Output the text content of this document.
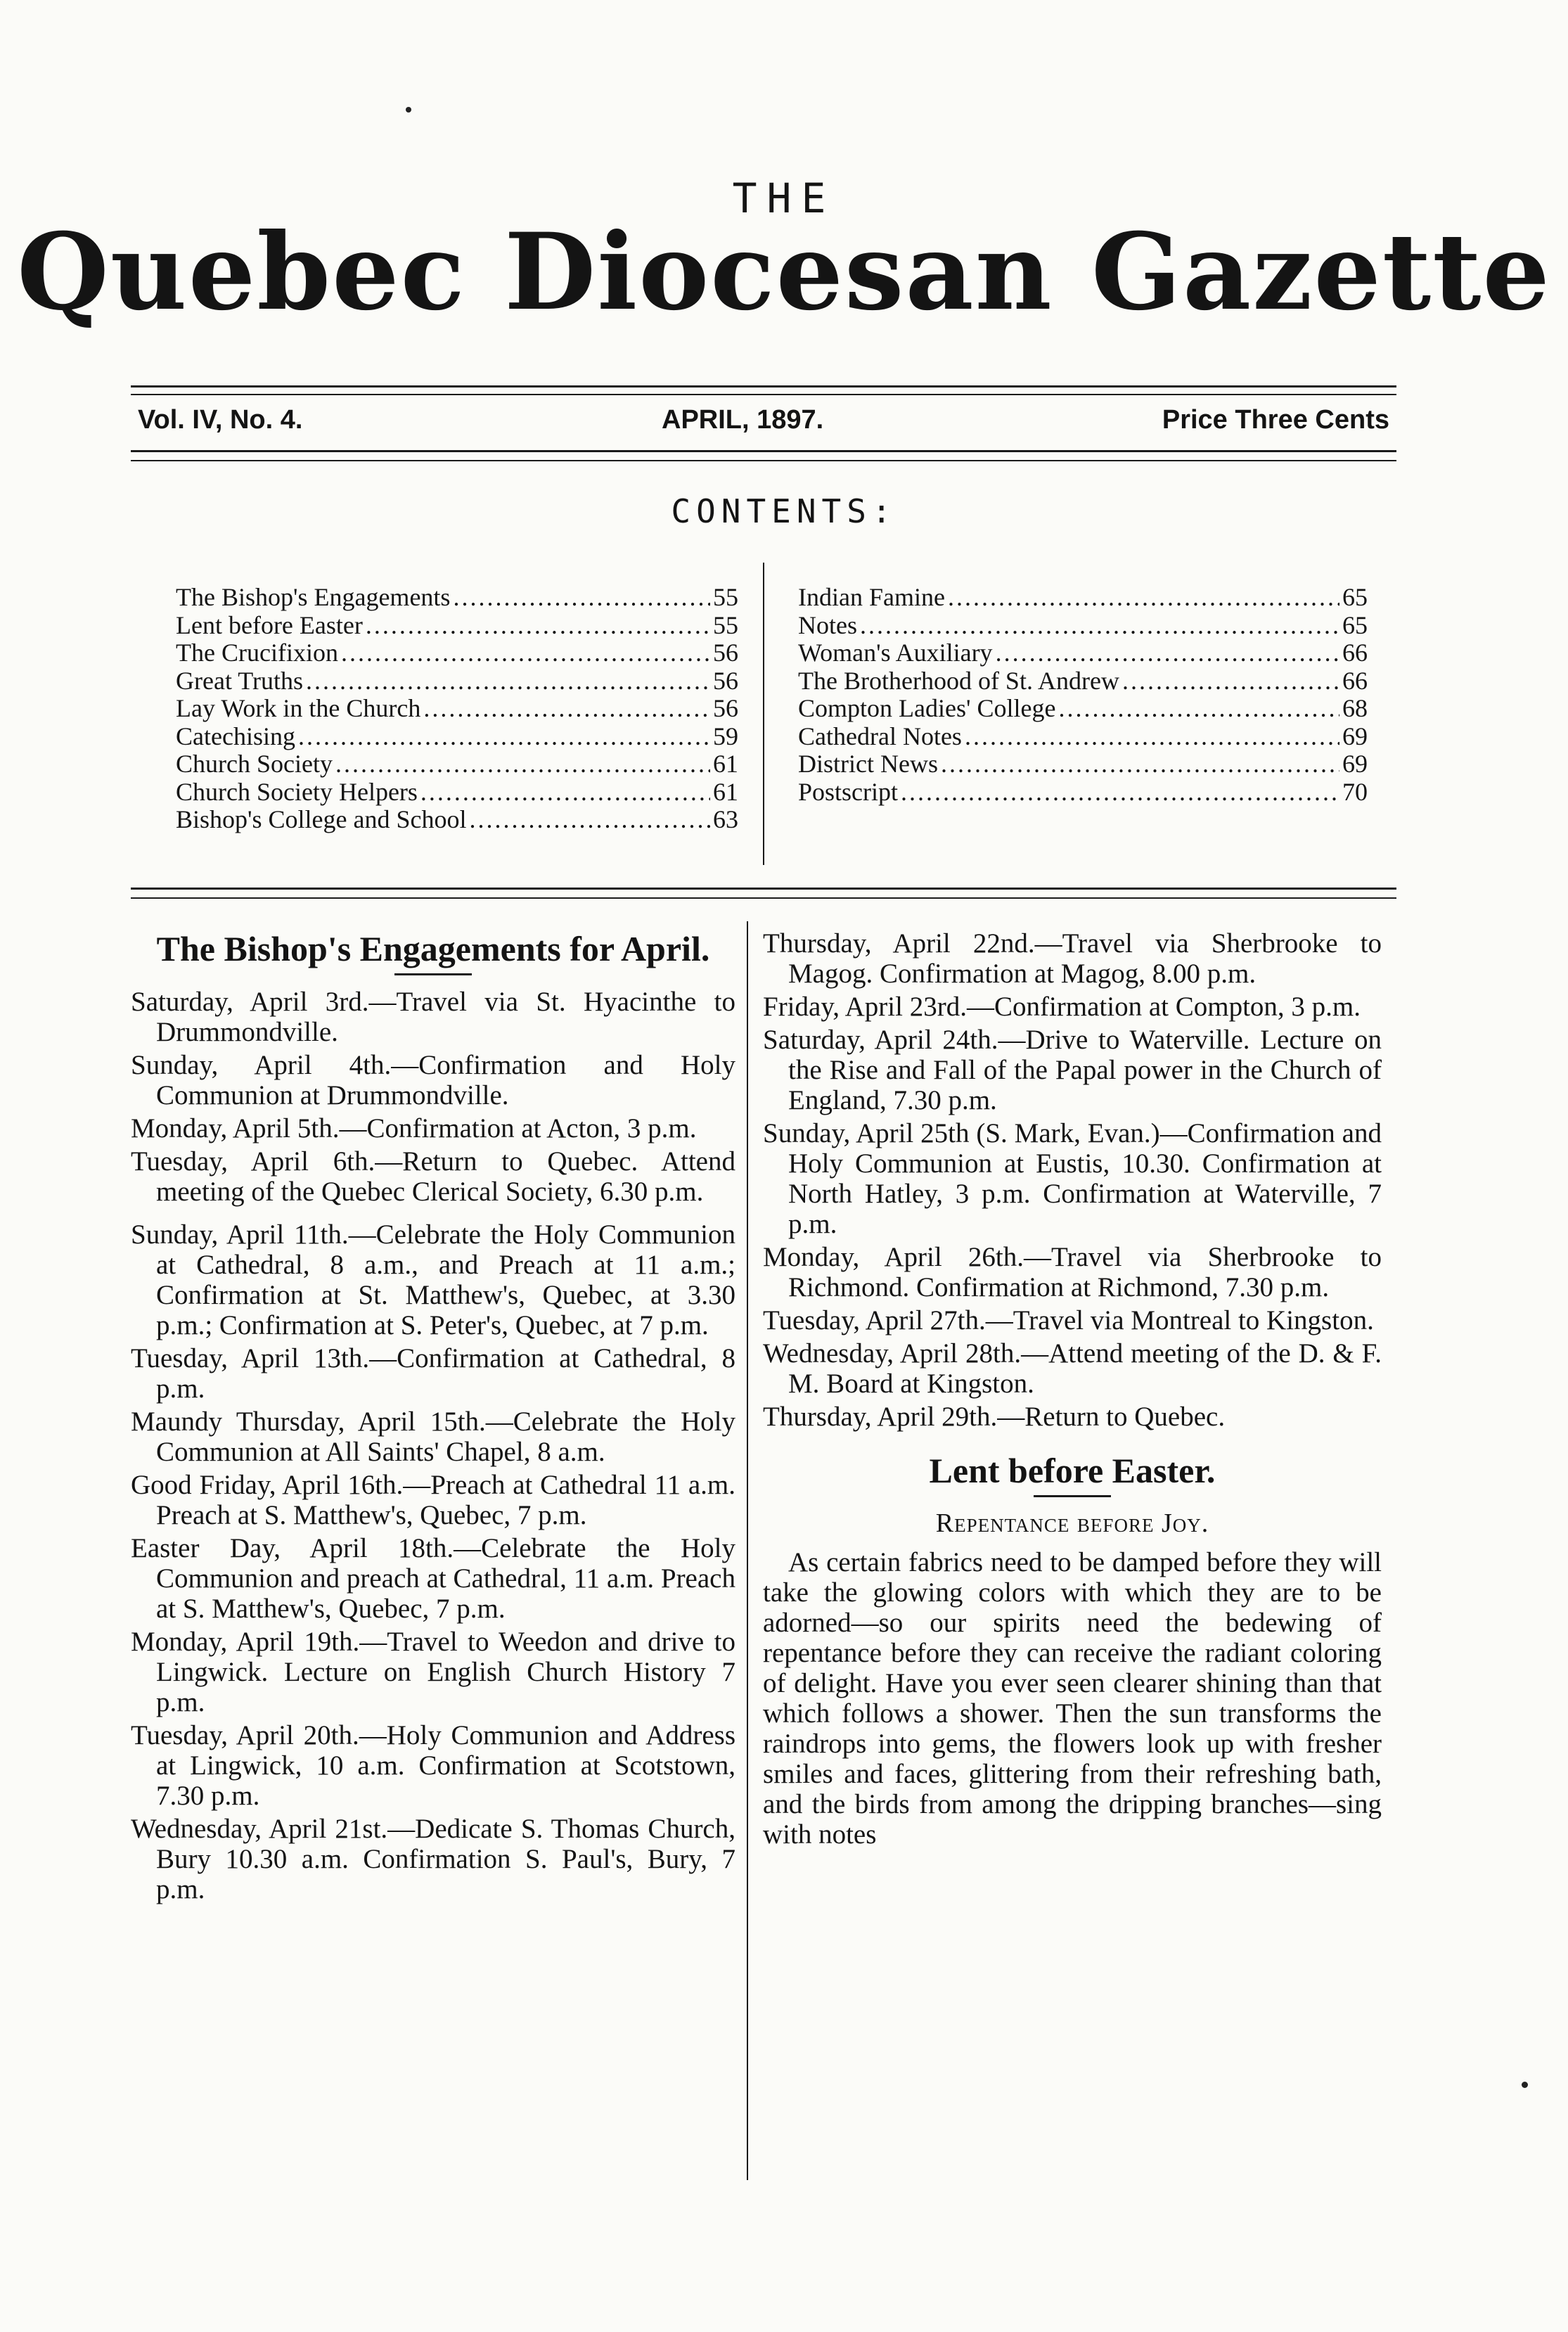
THE
Quebec Diocesan Gazette
Vol. IV, No. 4.	APRIL, 1897.	Price Three Cents
CONTENTS:
The Bishop's Engagements .....	55
Lent before Easter .....	55
The Crucifixion .....	56
Great Truths .....	56
Lay Work in the Church .....	56
Catechising .....	59
Church Society .....	61
Church Society Helpers .....	61
Bishop's College and School .....	63
Indian Famine .....	65
Notes .....	65
Woman's Auxiliary .....	66
The Brotherhood of St. Andrew .....	66
Compton Ladies' College .....	68
Cathedral Notes .....	69
District News .....	69
Postscript .....	70
The Bishop's Engagements for April.

Saturday, April 3rd.—Travel via St. Hyacinthe to Drummondville.

Sunday, April 4th.—Confirmation and Holy Communion at Drummondville.

Monday, April 5th.—Confirmation at Acton, 3 p.m.

Tuesday, April 6th.—Return to Quebec. Attend meeting of the Quebec Clerical Society, 6.30 p.m.

Sunday, April 11th.—Celebrate the Holy Communion at Cathedral, 8 a.m., and Preach at 11 a.m.; Confirmation at St. Matthew's, Quebec, at 3.30 p.m.; Confirmation at S. Peter's, Quebec, at 7 p.m.

Tuesday, April 13th.—Confirmation at Cathedral, 8 p.m.

Maundy Thursday, April 15th.—Celebrate the Holy Communion at All Saints' Chapel, 8 a.m.

Good Friday, April 16th.—Preach at Cathedral 11 a.m. Preach at S. Matthew's, Quebec, 7 p.m.

Easter Day, April 18th.—Celebrate the Holy Communion and preach at Cathedral, 11 a.m. Preach at S. Matthew's, Quebec, 7 p.m.

Monday, April 19th.—Travel to Weedon and drive to Lingwick. Lecture on English Church History 7 p.m.

Tuesday, April 20th.—Holy Communion and Address at Lingwick, 10 a.m. Confirmation at Scotstown, 7.30 p.m.

Wednesday, April 21st.—Dedicate S. Thomas Church, Bury 10.30 a.m. Confirmation S. Paul's, Bury, 7 p.m.

Thursday, April 22nd.—Travel via Sherbrooke to Magog. Confirmation at Magog, 8.00 p.m.

Friday, April 23rd.—Confirmation at Compton, 3 p.m.

Saturday, April 24th.—Drive to Waterville. Lecture on the Rise and Fall of the Papal power in the Church of England, 7.30 p.m.

Sunday, April 25th (S. Mark, Evan.)—Confirmation and Holy Communion at Eustis, 10.30. Confirmation at North Hatley, 3 p.m. Confirmation at Waterville, 7 p.m.

Monday, April 26th.—Travel via Sherbrooke to Richmond. Confirmation at Richmond, 7.30 p.m.

Tuesday, April 27th.—Travel via Montreal to Kingston.

Wednesday, April 28th.—Attend meeting of the D. & F. M. Board at Kingston.

Thursday, April 29th.—Return to Quebec.

Lent before Easter.
Repentance before Joy.

As certain fabrics need to be damped before they will take the glowing colors with which they are to be adorned—so our spirits need the bedewing of repentance before they can receive the radiant coloring of delight. Have you ever seen clearer shining than that which follows a shower. Then the sun transforms the raindrops into gems, the flowers look up with fresher smiles and faces, glittering from their refreshing bath, and the birds from among the dripping branches—sing with notes
